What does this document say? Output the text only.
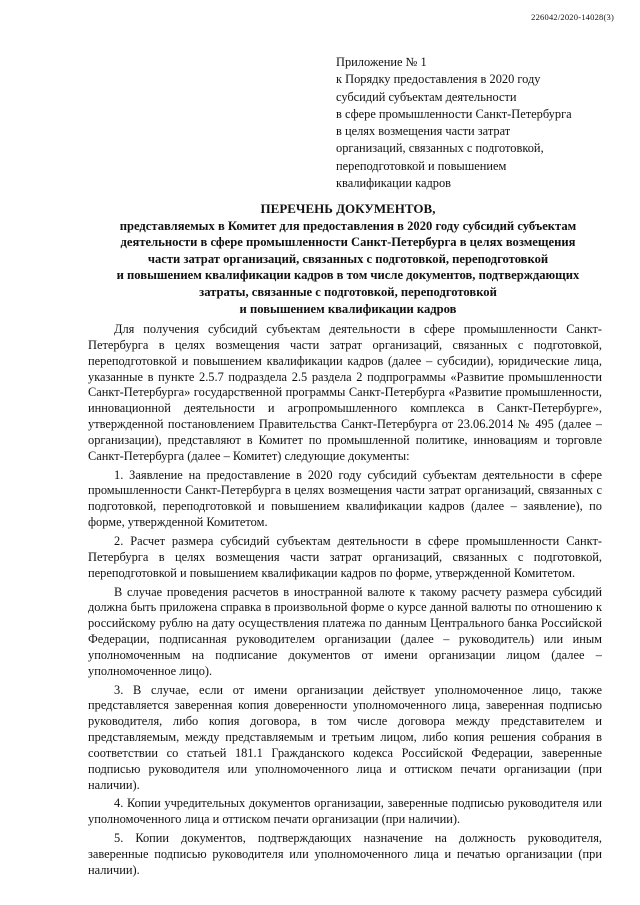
226042/2020-14028(3)
Приложение № 1
к Порядку предоставления в 2020 году
субсидий субъектам деятельности
в сфере промышленности Санкт-Петербурга
в целях возмещения части затрат
организаций, связанных с подготовкой,
переподготовкой и повышением
квалификации кадров
ПЕРЕЧЕНЬ ДОКУМЕНТОВ,
представляемых в Комитет для предоставления в 2020 году субсидий субъектам
деятельности в сфере промышленности Санкт-Петербурга в целях возмещения
части затрат организаций, связанных с подготовкой, переподготовкой
и повышением квалификации кадров в том числе документов, подтверждающих
затраты, связанные с подготовкой, переподготовкой
и повышением квалификации кадров

Для получения субсидий субъектам деятельности в сфере промышленности Санкт-Петербурга в целях возмещения части затрат организаций, связанных с подготовкой, переподготовкой и повышением квалификации кадров (далее – субсидии), юридические лица, указанные в пункте 2.5.7 подраздела 2.5 раздела 2 подпрограммы «Развитие промышленности Санкт-Петербурга» государственной программы Санкт-Петербурга «Развитие промышленности, инновационной деятельности и агропромышленного комплекса в Санкт-Петербурге», утвержденной постановлением Правительства Санкт-Петербурга от 23.06.2014 № 495 (далее – организации), представляют в Комитет по промышленной политике, инновациям и торговле Санкт-Петербурга (далее – Комитет) следующие документы:

1. Заявление на предоставление в 2020 году субсидий субъектам деятельности в сфере промышленности Санкт-Петербурга в целях возмещения части затрат организаций, связанных с подготовкой, переподготовкой и повышением квалификации кадров (далее – заявление), по форме, утвержденной Комитетом.

2. Расчет размера субсидий субъектам деятельности в сфере промышленности Санкт-Петербурга в целях возмещения части затрат организаций, связанных с подготовкой, переподготовкой и повышением квалификации кадров по форме, утвержденной Комитетом.

В случае проведения расчетов в иностранной валюте к такому расчету размера субсидий должна быть приложена справка в произвольной форме о курсе данной валюты по отношению к российскому рублю на дату осуществления платежа по данным Центрального банка Российской Федерации, подписанная руководителем организации (далее – руководитель) или иным уполномоченным на подписание документов от имени организации лицом (далее – уполномоченное лицо).

3. В случае, если от имени организации действует уполномоченное лицо, также представляется заверенная копия доверенности уполномоченного лица, заверенная подписью руководителя, либо копия договора, в том числе договора между представителем и представляемым, между представляемым и третьим лицом, либо копия решения собрания в соответствии со статьей 181.1 Гражданского кодекса Российской Федерации, заверенные подписью руководителя или уполномоченного лица и оттиском печати организации (при наличии).

4. Копии учредительных документов организации, заверенные подписью руководителя или уполномоченного лица и оттиском печати организации (при наличии).

5. Копии документов, подтверждающих назначение на должность руководителя, заверенные подписью руководителя или уполномоченного лица и печатью организации (при наличии).
